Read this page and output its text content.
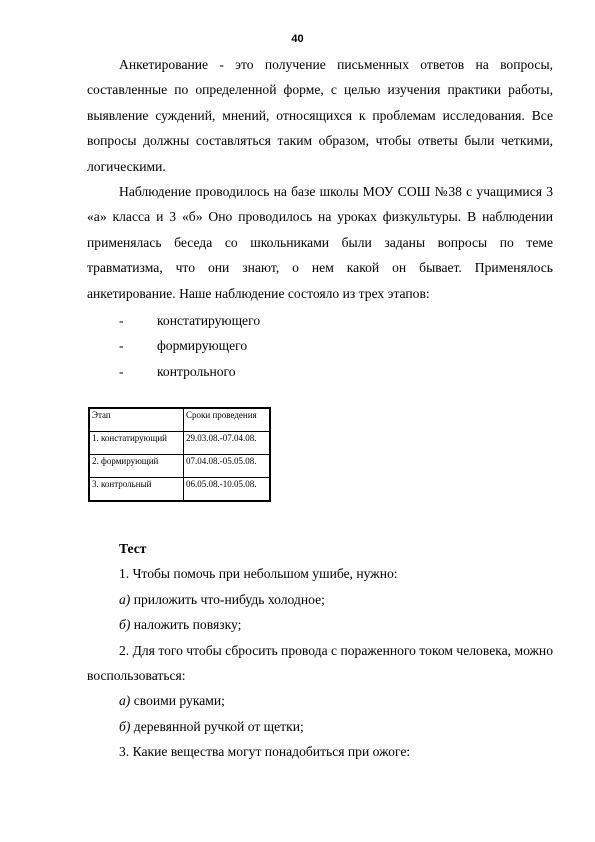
40

Анкетирование - это получение письменных ответов на вопросы, составленные по определенной форме, с целью изучения практики работы, выявление суждений, мнений, относящихся к проблемам исследования. Все вопросы должны составляться таким образом, чтобы ответы были четкими, логическими.

Наблюдение проводилось на базе школы МОУ СОШ №38 с учащимися 3 «а» класса и 3 «б» Оно проводилось на уроках физкультуры. В наблюдении применялась беседа со школьниками были заданы вопросы по теме травматизма, что они знают, о нем какой он бывает. Применялось анкетирование. Наше наблюдение состояло из трех этапов:

-	констатирующего
-	формирующего
-	контрольного
Этап	Сроки проведения
1. констатирующий	29.03.08.-07.04.08.
2. формирующий	07.04.08.-05.05.08.
3. контрольный	06.05.08.-10.05.08.

Тест

1. Чтобы помочь при небольшом ушибе, нужно:

а) приложить что-нибудь холодное;

б) наложить повязку;

2. Для того чтобы сбросить провода с пораженного током человека, можно воспользоваться:

а) своими руками;

б) деревянной ручкой от щетки;

3. Какие вещества могут понадобиться при ожоге:
